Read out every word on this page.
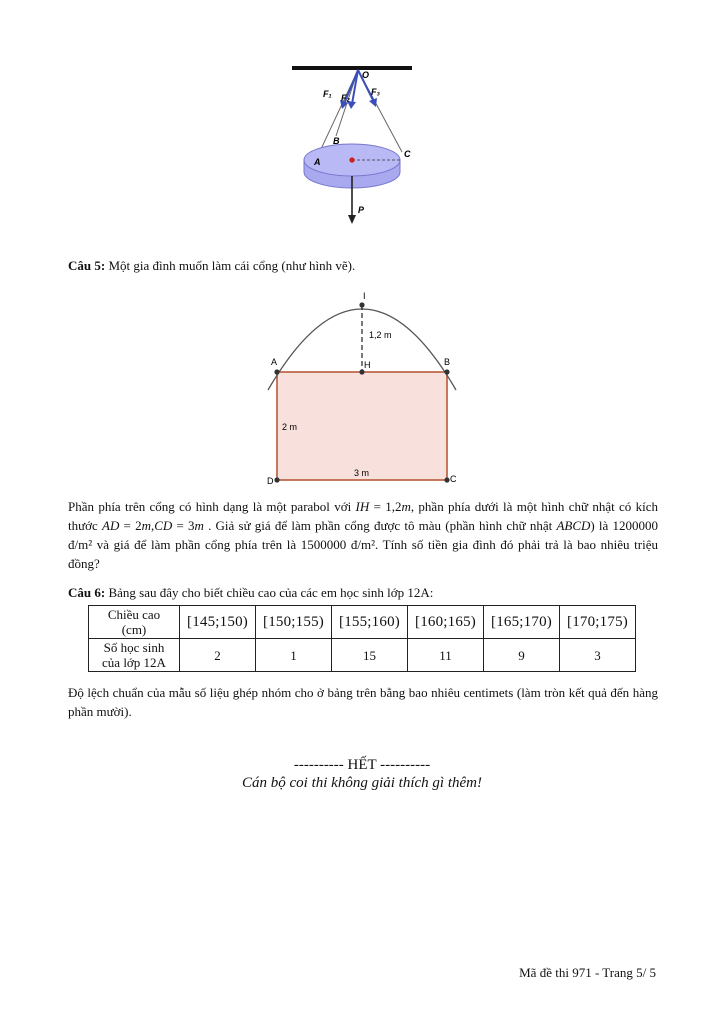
O
F₁ F₂
F₃
B
A
C
P
Câu 5: Một gia đình muốn làm cái cổng (như hình vẽ).
I
H
A	B
C
D
1,2 m
2 m
3 m
Phần phía trên cổng có hình dạng là một parabol với IH = 1,2m, phần phía dưới là một hình chữ nhật có kích thước AD = 2m,CD = 3m . Giả sử giá để làm phần cổng được tô màu (phần hình chữ nhật ABCD) là 1200000 đ/m² và giá để làm phần cổng phía trên là 1500000 đ/m². Tính số tiền gia đình đó phải trả là bao nhiêu triệu đồng?
Câu 6: Bảng sau đây cho biết chiều cao của các em học sinh lớp 12A:
Chiều cao
(cm)	[145;150)	[150;155)	[155;160)	[160;165)	[165;170)	[170;175)
Số học sinh
của lớp 12A	2	1	15	11	9	3
Độ lệch chuẩn của mẫu số liệu ghép nhóm cho ở bảng trên bằng bao nhiêu centimets (làm tròn kết quả đến hàng phần mười).
---------- HẾT ----------
Cán bộ coi thi không giải thích gì thêm!
Mã đề thi 971 - Trang 5/ 5
